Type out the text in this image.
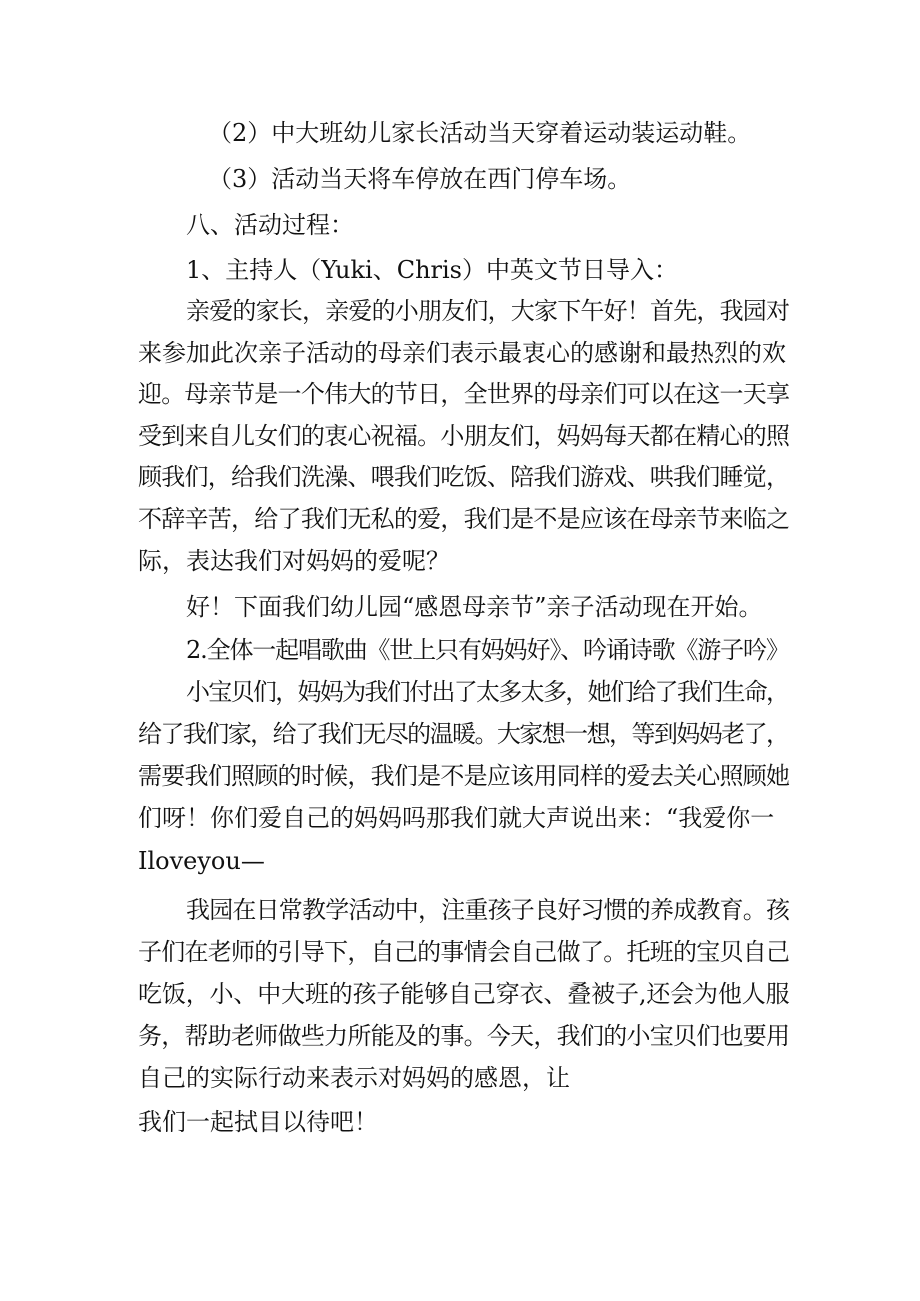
（2）中大班幼儿家长活动当天穿着运动装运动鞋。
（3）活动当天将车停放在西门停车场。
八、活动过程：
1、主持人（Yuki、Chris）中英文节日导入：
亲爱的家长，亲爱的小朋友们，大家下午好！首先，我园对
来参加此次亲子活动的母亲们表示最衷心的感谢和最热烈的欢
迎。母亲节是一个伟大的节日，全世界的母亲们可以在这一天享
受到来自儿女们的衷心祝福。小朋友们，妈妈每天都在精心的照
顾我们，给我们洗澡、喂我们吃饭、陪我们游戏、哄我们睡觉，
不辞辛苦，给了我们无私的爱，我们是不是应该在母亲节来临之
际，表达我们对妈妈的爱呢？
好！下面我们幼儿园“感恩母亲节”亲子活动现在开始。
2.全体一起唱歌曲《世上只有妈妈好》、吟诵诗歌《游子吟》
小宝贝们，妈妈为我们付出了太多太多，她们给了我们生命，
给了我们家，给了我们无尽的温暖。大家想一想，等到妈妈老了，
需要我们照顾的时候，我们是不是应该用同样的爱去关心照顾她
们呀！你们爱自己的妈妈吗那我们就大声说出来：“我爱你一
Iloveyou—
我园在日常教学活动中，注重孩子良好习惯的养成教育。孩
子们在老师的引导下，自己的事情会自己做了。托班的宝贝自己
吃饭，小、中大班的孩子能够自己穿衣、叠被子,还会为他人服
务，帮助老师做些力所能及的事。今天，我们的小宝贝们也要用
自己的实际行动来表示对妈妈的感恩，让
我们一起拭目以待吧！
